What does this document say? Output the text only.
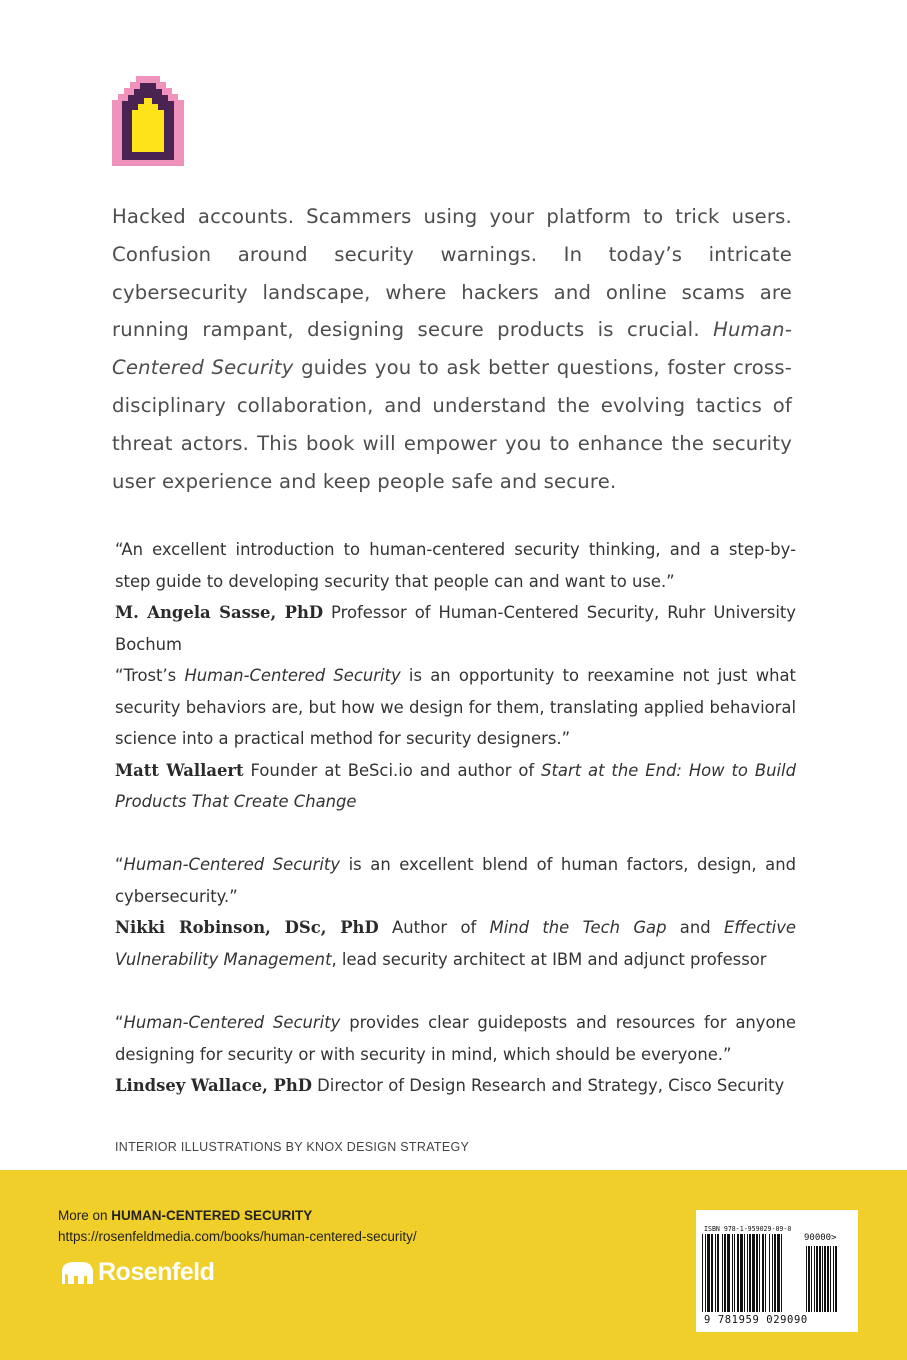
Hacked accounts. Scammers using your platform to trick users. Confusion around security warnings. In today’s intricate cybersecurity landscape, where hackers and online scams are running rampant, designing secure products is crucial. Human-Centered Security guides you to ask better questions, foster cross-disciplinary collaboration, and understand the evolving tactics of threat actors. This book will empower you to enhance the security user experience and keep people safe and secure.

“An excellent introduction to human-centered security thinking, and a step-by-step guide to developing security that people can and want to use.”

M. Angela Sasse, PhD Professor of Human-Centered Security, Ruhr University Bochum

“Trost’s Human-Centered Security is an opportunity to reexamine not just what security behaviors are, but how we design for them, translating applied behavioral science into a practical method for security designers.”

Matt Wallaert Founder at BeSci.io and author of Start at the End: How to Build Products That Create Change

“Human-Centered Security is an excellent blend of human factors, design, and cybersecurity.”

Nikki Robinson, DSc, PhD Author of Mind the Tech Gap and Effective Vulnerability Management, lead security architect at IBM and adjunct professor

“Human-Centered Security provides clear guideposts and resources for anyone designing for security or with security in mind, which should be everyone.”

Lindsey Wallace, PhD Director of Design Research and Strategy, Cisco Security

INTERIOR ILLUSTRATIONS BY KNOX DESIGN STRATEGY
More on HUMAN-CENTERED SECURITY
https://rosenfeldmedia.com/books/human-centered-security/
Rosenfeld
ISBN 978-1-959029-09-0
90000>
9 781959 029090
